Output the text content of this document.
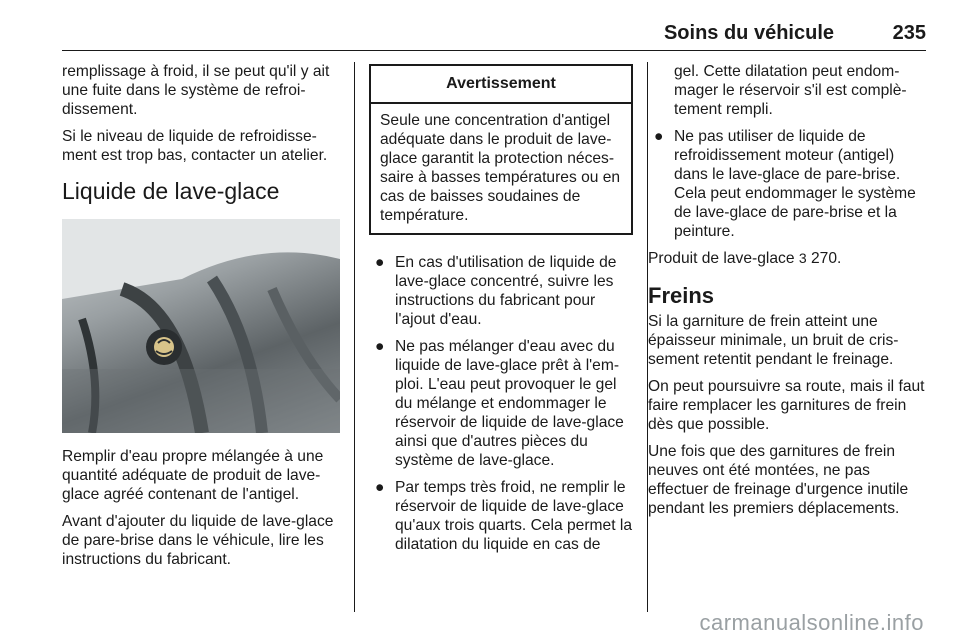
Soins du véhicule	235

remplissage à froid, il se peut qu'il y ait une fuite dans le système de refroi-dissement.

Si le niveau de liquide de refroidisse-ment est trop bas, contacter un atelier.

Liquide de lave-glace

Remplir d'eau propre mélangée à une quantité adéquate de produit de lave-glace agréé contenant de l'antigel.

Avant d'ajouter du liquide de lave-glace de pare-brise dans le véhicule, lire les instructions du fabricant.

Avertissement
Seule une concentration d'antigel adéquate dans le produit de lave-glace garantit la protection néces-saire à basses températures ou en cas de baisses soudaines de température.
● En cas d'utilisation de liquide de lave-glace concentré, suivre les instructions du fabricant pour l'ajout d'eau.
● Ne pas mélanger d'eau avec du liquide de lave-glace prêt à l'em-ploi. L'eau peut provoquer le gel du mélange et endommager le réservoir de liquide de lave-glace ainsi que d'autres pièces du système de lave-glace.
● Par temps très froid, ne remplir le réservoir de liquide de lave-glace qu'aux trois quarts. Cela permet la dilatation du liquide en cas de
gel. Cette dilatation peut endom-mager le réservoir s'il est complè-tement rempli.
● Ne pas utiliser de liquide de refroidissement moteur (antigel) dans le lave-glace de pare-brise. Cela peut endommager le système de lave-glace de pare-brise et la peinture.

Produit de lave-glace 3 270.

Freins

Si la garniture de frein atteint une épaisseur minimale, un bruit de cris-sement retentit pendant le freinage.

On peut poursuivre sa route, mais il faut faire remplacer les garnitures de frein dès que possible.

Une fois que des garnitures de frein neuves ont été montées, ne pas effectuer de freinage d'urgence inutile pendant les premiers déplacements.

carmanualsonline.info
